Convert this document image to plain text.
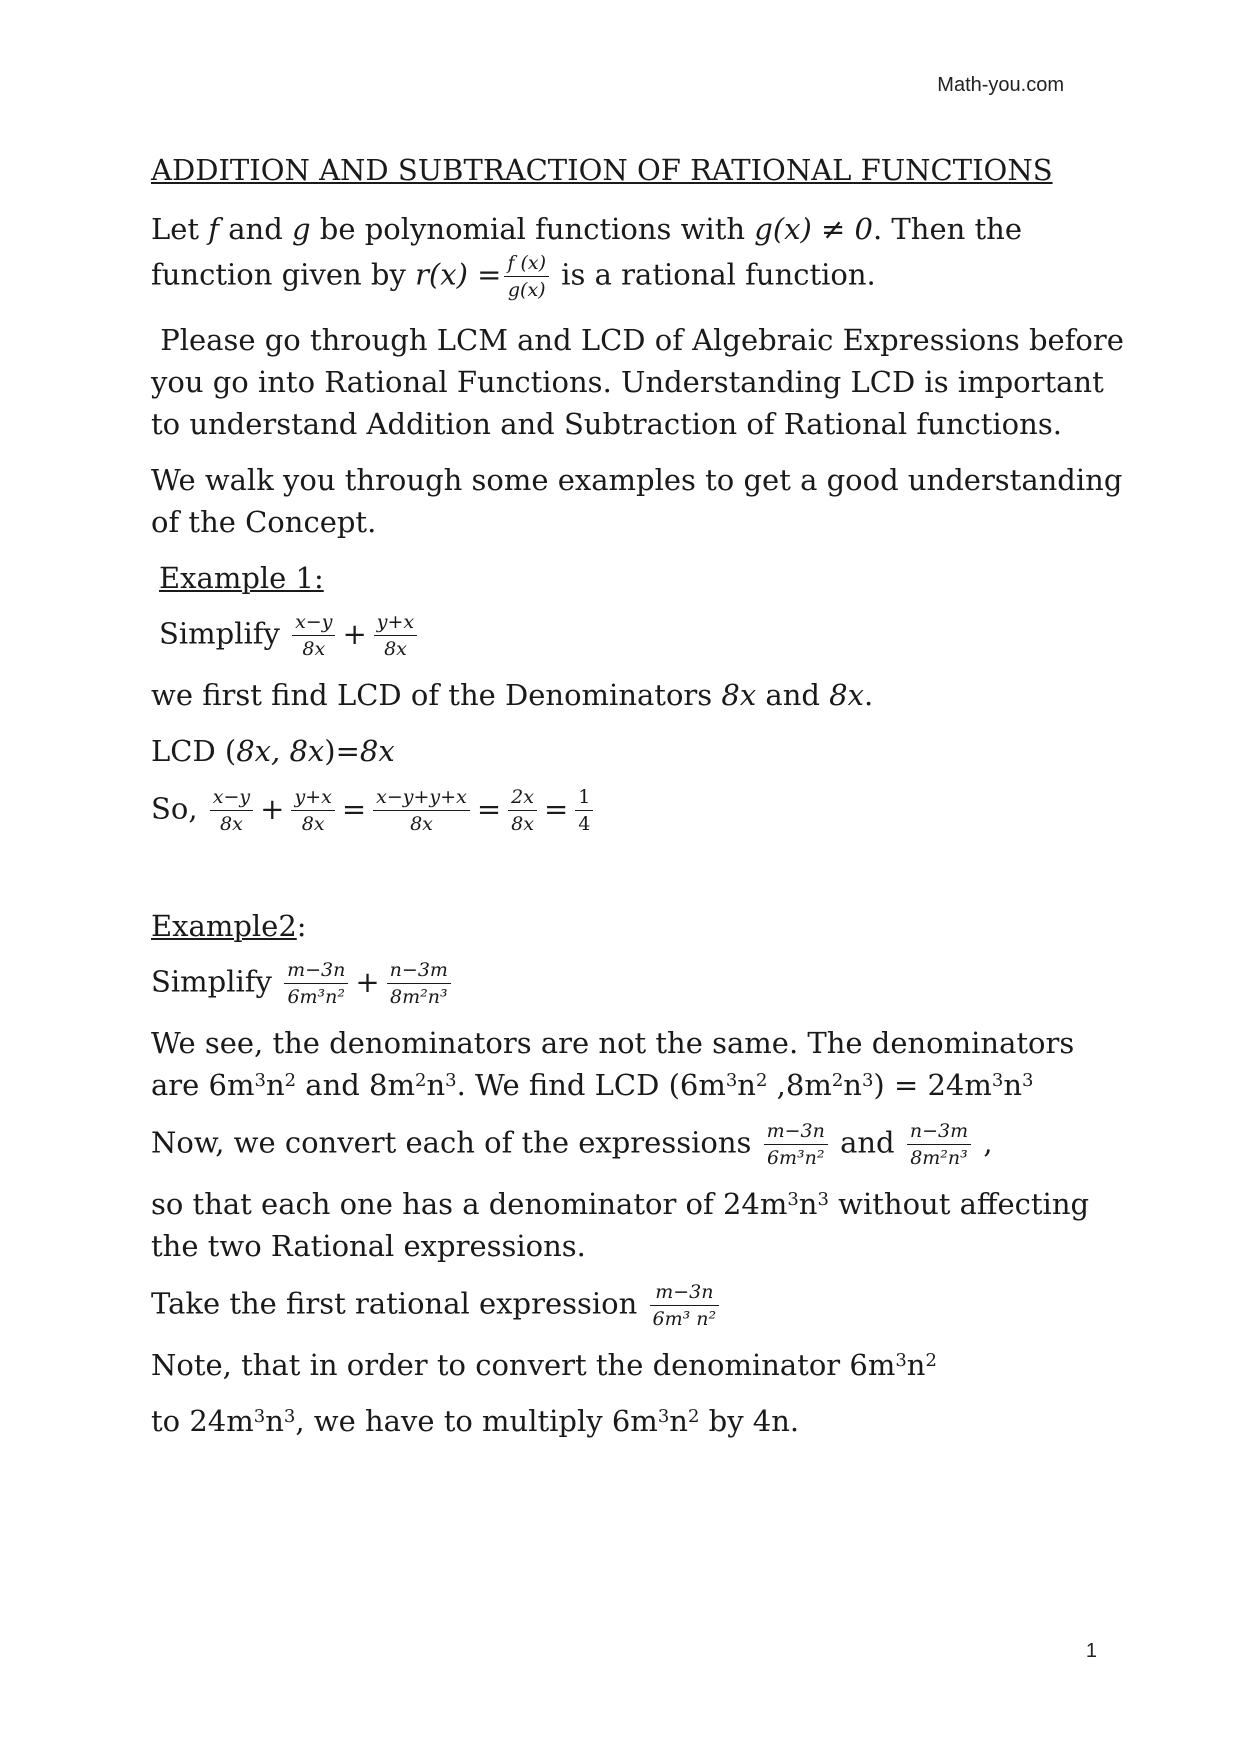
Math-you.com
ADDITION AND SUBTRACTION OF RATIONAL FUNCTIONS
Let f and g be polynomial functions with g(x) ≠ 0. Then the
function given by $r(x) = \frac{f (x)}{g(x)}$ is a rational function.
Please go through LCM and LCD of Algebraic Expressions before
you go into Rational Functions. Understanding LCD is important
to understand Addition and Subtraction of Rational functions.
We walk you through some examples to get a good understanding
of the Concept.
Example 1:
Simplify $\frac{x-y}{8x} + \frac{y+x}{8x}$
we first find LCD of the Denominators 8x and 8x.
LCD (8x, 8x)=8x
So, $\frac{x-y}{8x} + \frac{y+x}{8x} = \frac{x-y+y+x}{8x} = \frac{2x}{8x} = \frac{1}{4}$
Example2:
Simplify $\frac{m-3n}{\text{6m³n²}} + \frac{n-3m}{\text{8m²n³}}$
We see, the denominators are not the same. The denominators
are $6m^3n^2$ and $8m^2n^3$. We find LCD ($6m^3n^2$ $,8m^2n^3) = 24m^3n^3$
Now, we convert each of the expressions $\frac{m-3n}{\text{6m³n²}}$ and $\frac{n-3m}{\text{8m²n³}}$ ,
so that each one has a denominator of $24m^3n^3$ without affecting
the two Rational expressions.
Take the first rational expression $\frac{m-3n}{\text{6m³ n²}}$
Note, that in order to convert the denominator $6m^3n^2$
to $24m^3n^3$, we have to multiply $6m^3n^2$ by 4n.
1
